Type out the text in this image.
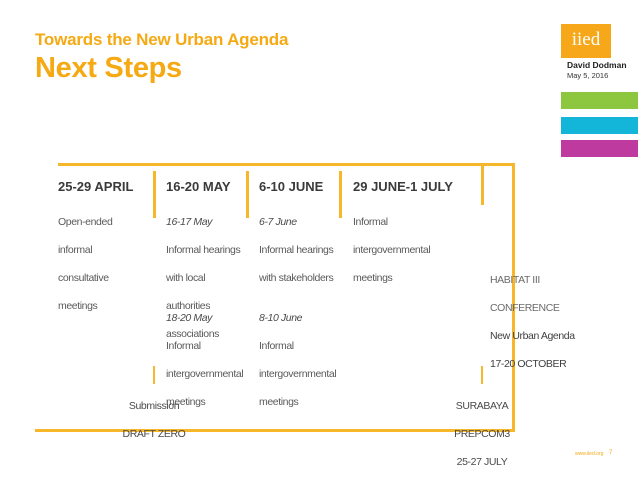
Towards the New Urban Agenda
Next Steps
iied
David Dodman
May 5, 2016
25-29 APRIL

Open-ended

informal

consultative

meetings

16-20 MAY

16-17 May

Informal hearings

with local

authorities

associations

18-20 May

Informal

intergovernmental

meetings

6-10 JUNE

6-7 June

Informal hearings

with stakeholders

8-10 June

Informal

intergovernmental

meetings

29 JUNE-1 JULY

Informal

intergovernmental

meetings	HABITAT III

CONFERENCE

New Urban Agenda

17-20 OCTOBER

Submission

DRAFT ZERO

SURABAYA

PREPCOM3

25-27 JULY

www.iied.org 7
